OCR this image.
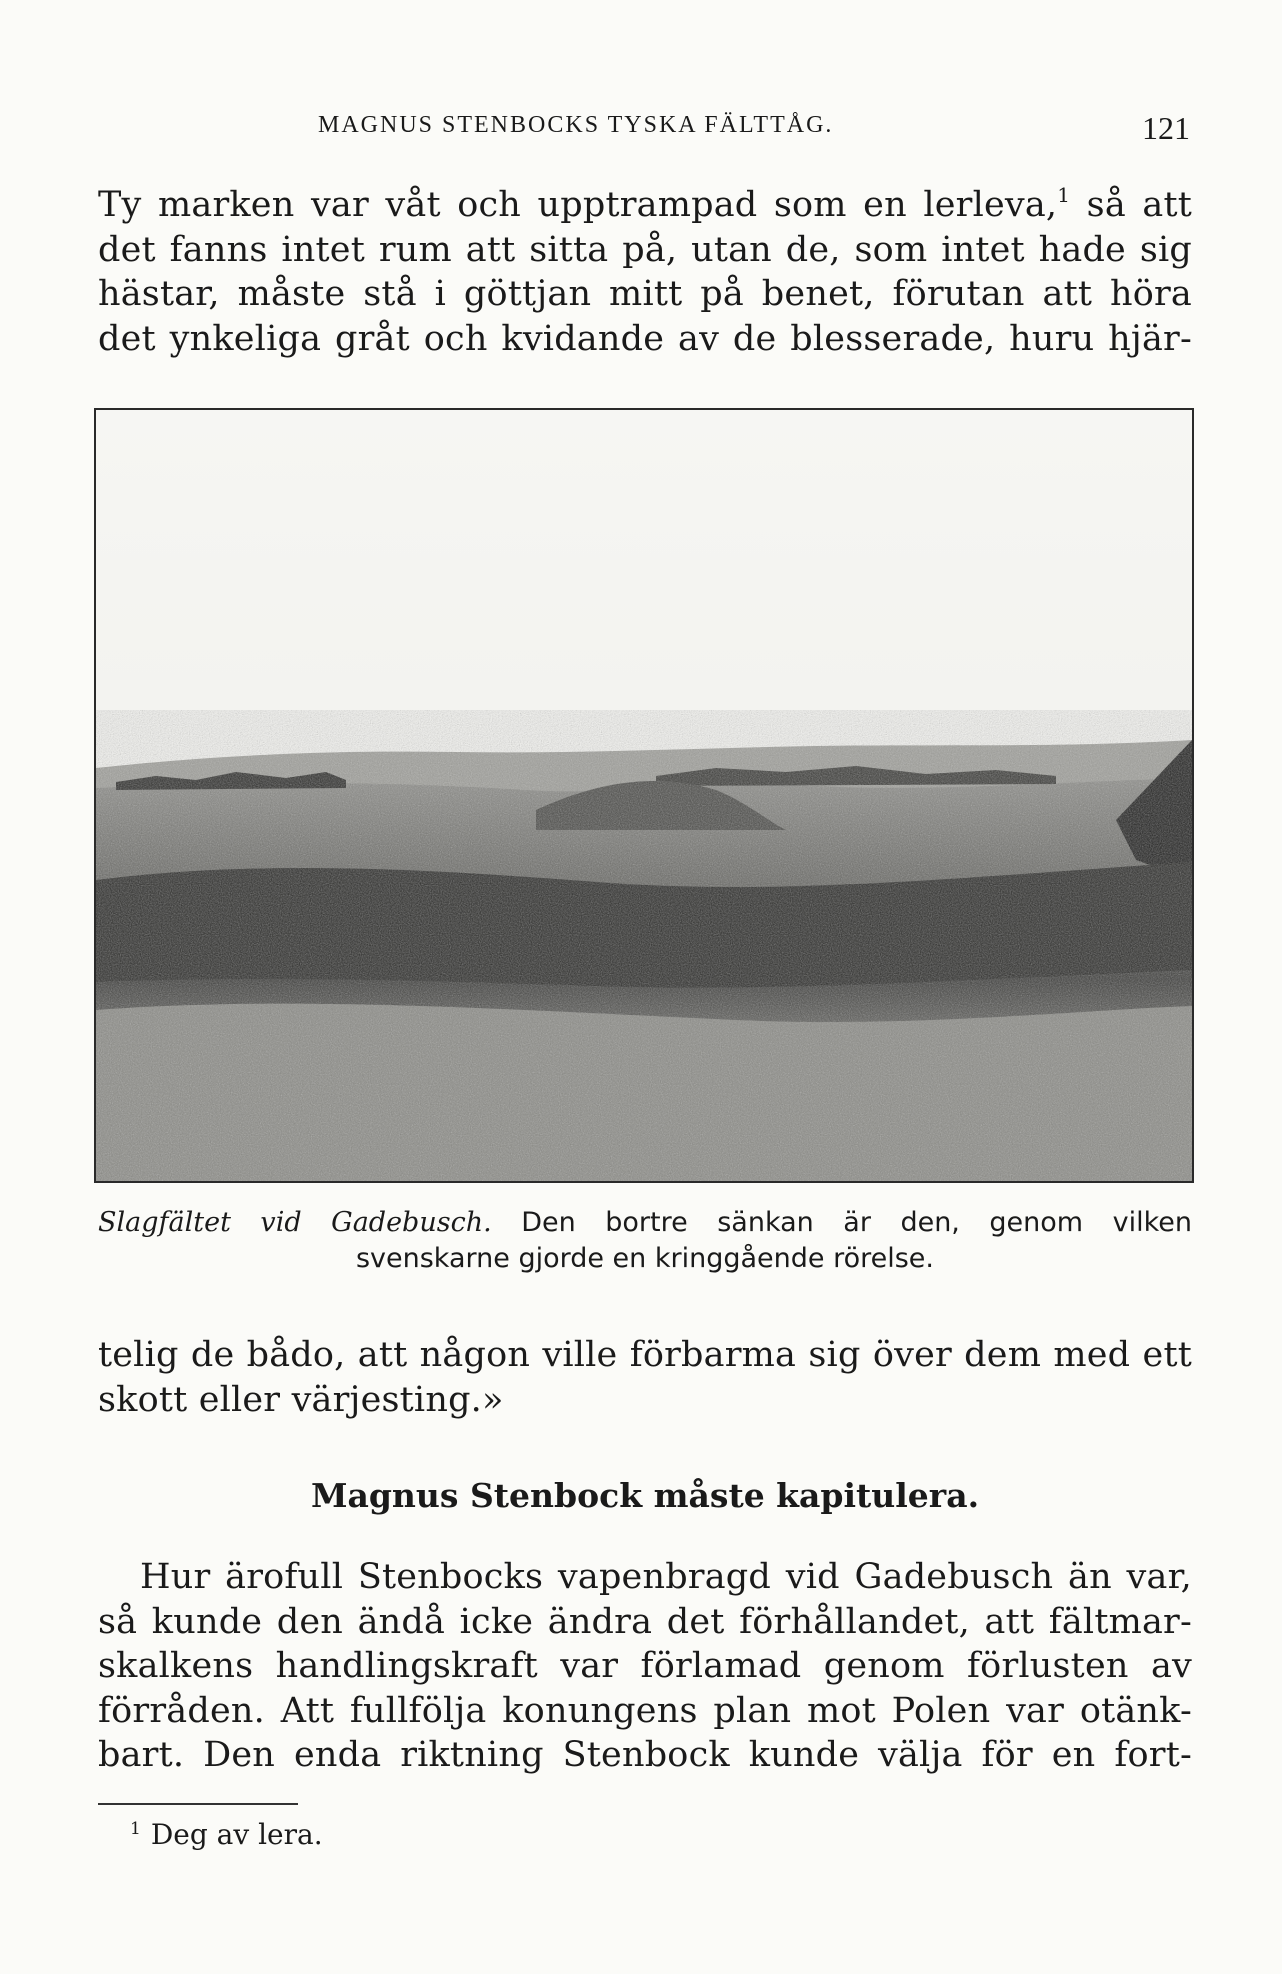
MAGNUS STENBOCKS TYSKA FÄLTTÅG.	121
Ty marken var våt och upptrampad som en lerleva,$^1$ så att
det fanns intet rum att sitta på, utan de, som intet hade sig
hästar, måste stå i göttjan mitt på benet, förutan att höra
det ynkeliga gråt och kvidande av de blesserade, huru hjär-
Slagfältet vid Gadebusch. Den bortre sänkan är den, genom vilken
svenskarne gjorde en kringgående rörelse.
telig de bådo, att någon ville förbarma sig över dem med ett
skott eller värjesting.»
Magnus Stenbock måste kapitulera.
Hur ärofull Stenbocks vapenbragd vid Gadebusch än var,
så kunde den ändå icke ändra det förhållandet, att fältmar-
skalkens handlingskraft var förlamad genom förlusten av
förråden. Att fullfölja konungens plan mot Polen var otänk-
bart. Den enda riktning Stenbock kunde välja för en fort-
$^1$ Deg av lera.
